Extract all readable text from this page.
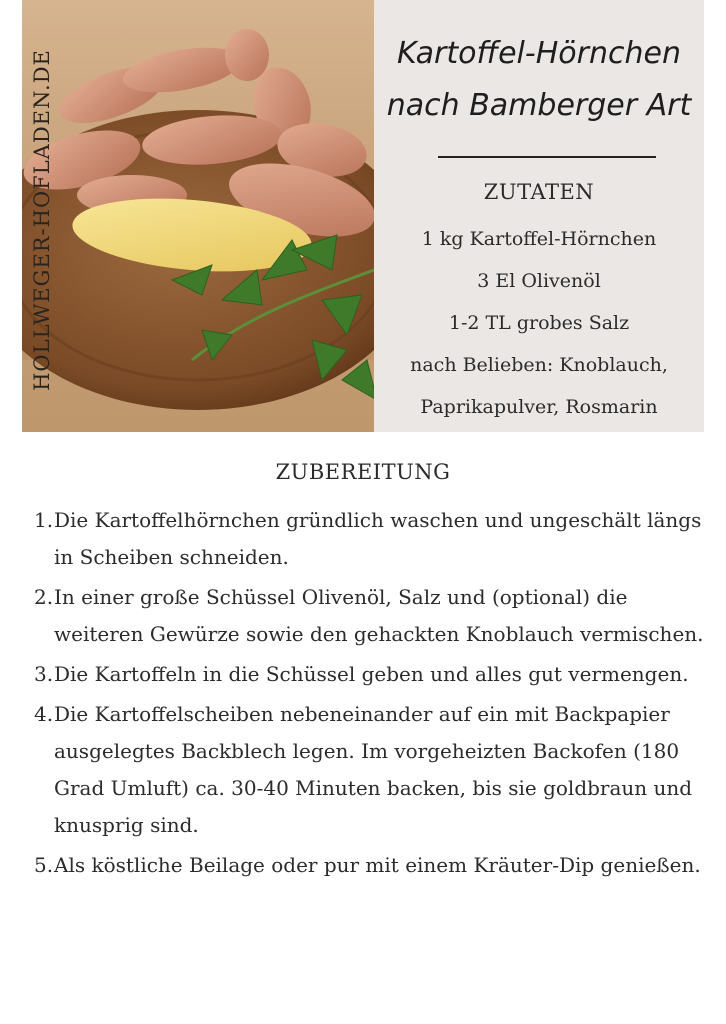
HOLLWEGER-HOFLADEN.DE	Kartoffel-Hörnchen
nach Bamberger Art
ZUTATEN
1 kg Kartoffel-Hörnchen
3 El Olivenöl
1-2 TL grobes Salz
nach Belieben: Knoblauch,
Paprikapulver, Rosmarin
ZUBEREITUNG
1. Die Kartoffelhörnchen gründlich waschen und ungeschält längs in Scheiben schneiden.
2. In einer große Schüssel Olivenöl, Salz und (optional) die weiteren Gewürze sowie den gehackten Knoblauch vermischen.
3. Die Kartoffeln in die Schüssel geben und alles gut vermengen.
4. Die Kartoffelscheiben nebeneinander auf ein mit Backpapier ausgelegtes Backblech legen. Im vorgeheizten Backofen (180 Grad Umluft) ca. 30-40 Minuten backen, bis sie goldbraun und knusprig sind.
5. Als köstliche Beilage oder pur mit einem Kräuter-Dip genießen.
